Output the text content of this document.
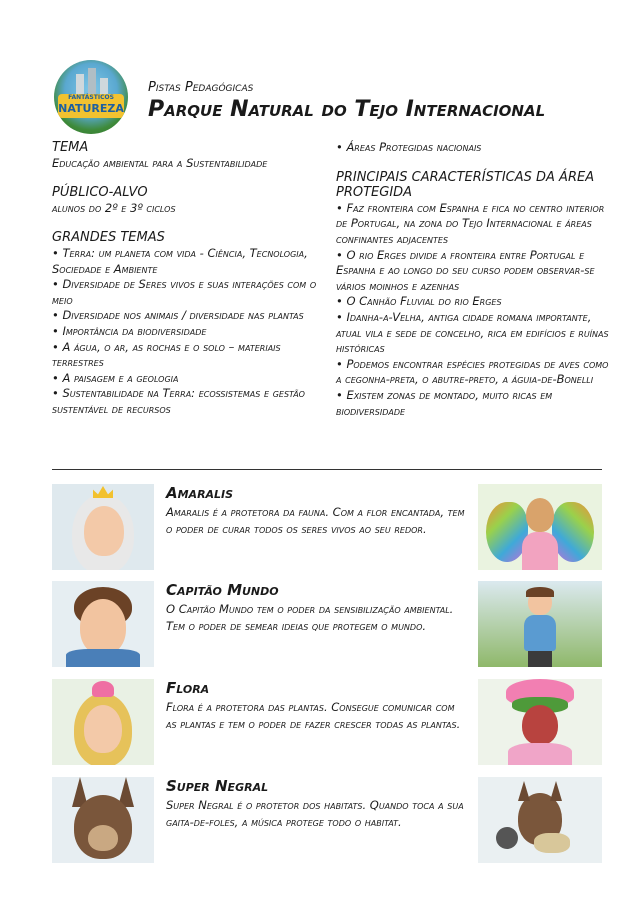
FANTÁSTICOS
NATUREZA
Pistas Pedagógicas
Parque Natural do Tejo Internacional
TEMA
Educação ambiental para a Sustentabilidade
PÚBLICO-ALVO
alunos do 2º e 3º ciclos
GRANDES TEMAS
• Terra: um planeta com vida - Ciência, Tecnologia, Sociedade e Ambiente
• Diversidade de Seres vivos e suas interações com o meio
• Diversidade nos animais / diversidade nas plantas
• Importância da biodiversidade
• A água, o ar, as rochas e o solo – materiais terrestres
• A paisagem e a geologia
• Sustentabilidade na Terra: ecossistemas e gestão sustentável de recursos
• Áreas Protegidas nacionais
PRINCIPAIS CARACTERÍSTICAS DA ÁREA PROTEGIDA
• Faz fronteira com Espanha e fica no centro interior de Portugal, na zona do Tejo Internacional e áreas confinantes adjacentes
• O rio Erges divide a fronteira entre Portugal e Espanha e ao longo do seu curso podem observar-se vários moinhos e azenhas
• O Canhão Fluvial do rio Erges
• Idanha-a-Velha, antiga cidade romana importante, atual vila e sede de concelho, rica em edifícios e ruínas históricas
• Podemos encontrar espécies protegidas de aves como a cegonha-preta, o abutre-preto, a águia-de-Bonelli
• Existem zonas de montado, muito ricas em biodiversidade
Amaralis
Amaralis é a protetora da fauna. Com a flor encantada, tem o poder de curar todos os seres vivos ao seu redor.
Capitão Mundo
O Capitão Mundo tem o poder da sensibilização ambiental. Tem o poder de semear ideias que protegem o mundo.
Flora
Flora é a protetora das plantas. Consegue comunicar com as plantas e tem o poder de fazer crescer todas as plantas.
Super Negral
Super Negral é o protetor dos habitats. Quando toca a sua gaita-de-foles, a música protege todo o habitat.
